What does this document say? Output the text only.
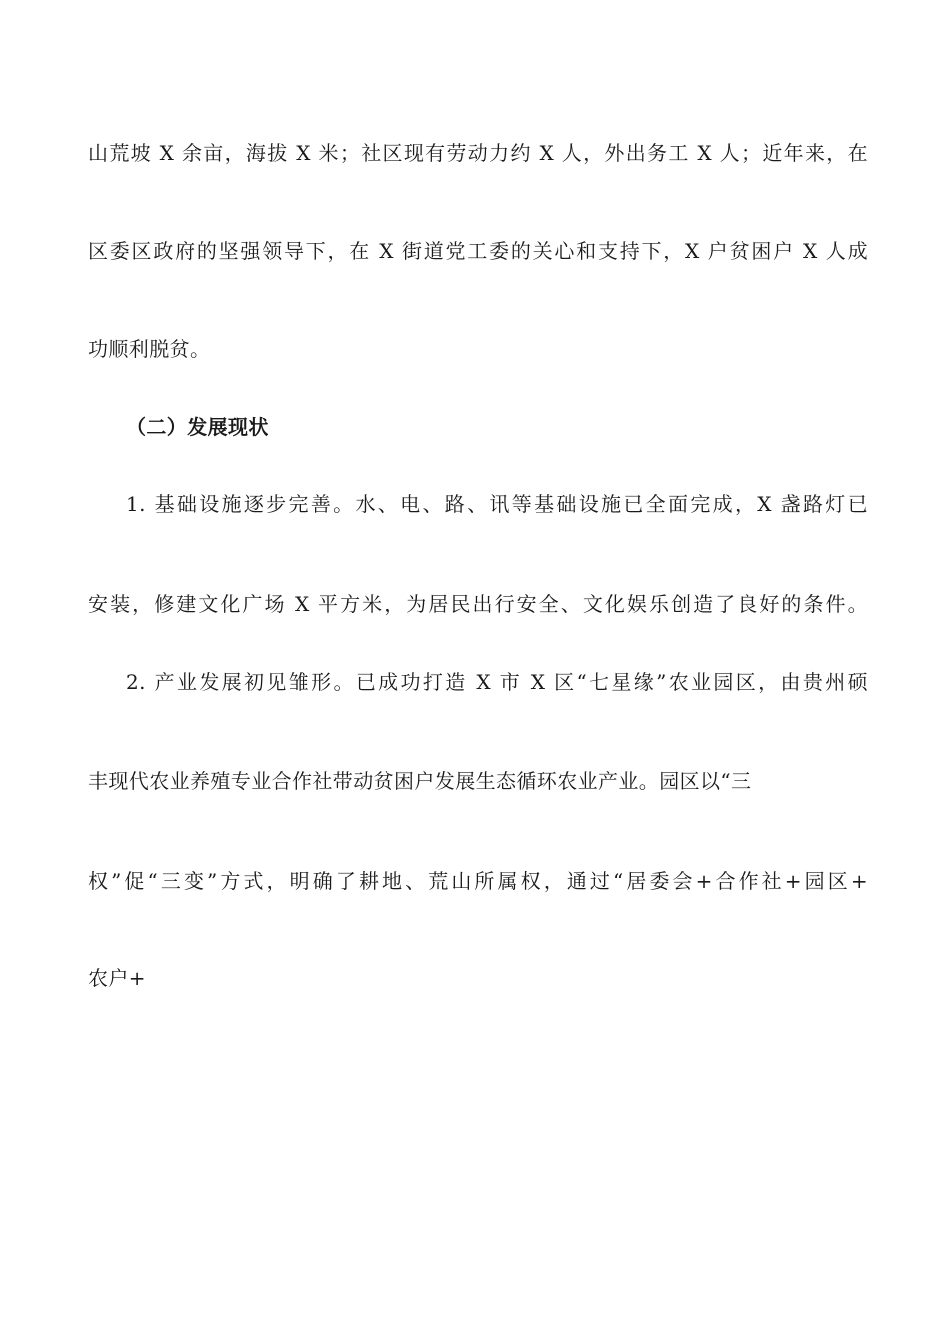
山荒坡 X 余亩，海拔 X 米；社区现有劳动力约 X 人，外出务工 X 人；近年来，在
区委区政府的坚强领导下，在 X 街道党工委的关心和支持下，X 户贫困户 X 人成
功顺利脱贫。
（二）发展现状
1. 基础设施逐步完善。水、电、路、讯等基础设施已全面完成，X 盏路灯已
安装，修建文化广场 X 平方米，为居民出行安全、文化娱乐创造了良好的条件。
2. 产业发展初见雏形。已成功打造 X 市 X 区“七星缘”农业园区，由贵州硕
丰现代农业养殖专业合作社带动贫困户发展生态循环农业产业。园区以“三
权”促“三变”方式，明确了耕地、荒山所属权，通过“居委会+合作社+园区+
农户+
